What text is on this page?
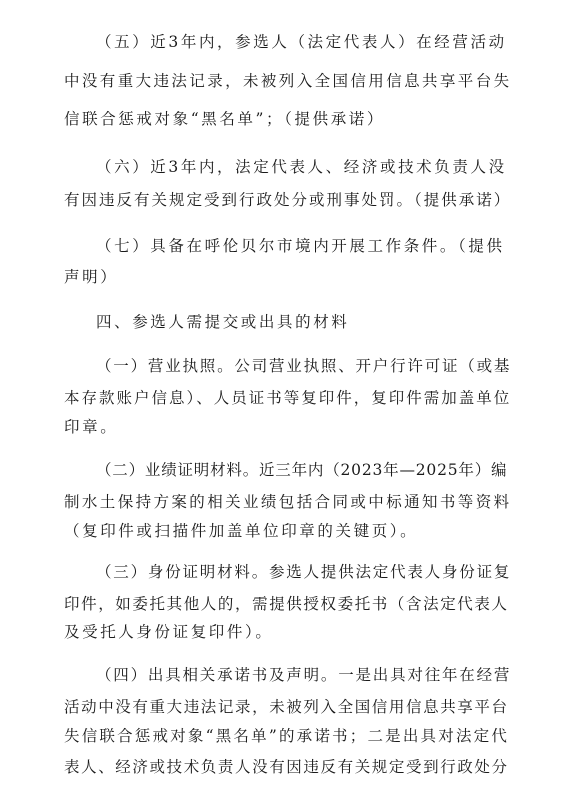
（五）近3年内，参选人（法定代表人）在经营活动
中没有重大违法记录，未被列入全国信用信息共享平台失
信联合惩戒对象“黑名单”；（提供承诺）
（六）近3年内，法定代表人、经济或技术负责人没
有因违反有关规定受到行政处分或刑事处罚。（提供承诺）
（七）具备在呼伦贝尔市境内开展工作条件。（提供
声明）
四、参选人需提交或出具的材料
（一）营业执照。公司营业执照、开户行许可证（或基
本存款账户信息）、人员证书等复印件，复印件需加盖单位
印章。
（二）业绩证明材料。近三年内（2023年—2025年）编
制水土保持方案的相关业绩包括合同或中标通知书等资料
（复印件或扫描件加盖单位印章的关键页）。
（三）身份证明材料。参选人提供法定代表人身份证复
印件，如委托其他人的，需提供授权委托书（含法定代表人
及受托人身份证复印件）。
（四）出具相关承诺书及声明。一是出具对往年在经营
活动中没有重大违法记录，未被列入全国信用信息共享平台
失信联合惩戒对象“黑名单”的承诺书；二是出具对法定代
表人、经济或技术负责人没有因违反有关规定受到行政处分
